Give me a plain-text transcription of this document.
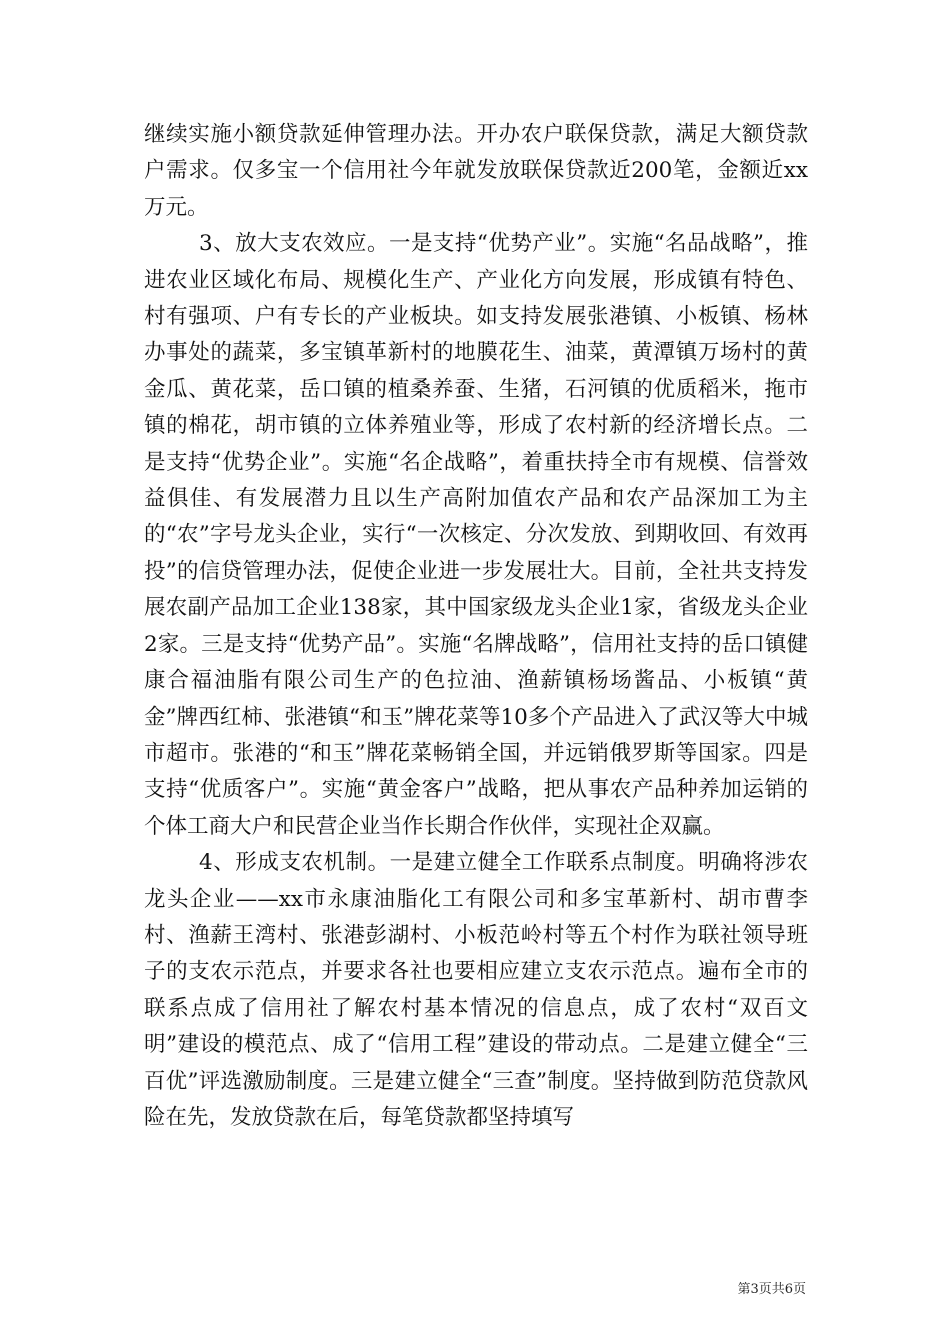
继续实施小额贷款延伸管理办法。开办农户联保贷款，满足大额贷款户需求。仅多宝一个信用社今年就发放联保贷款近200笔，金额近xx万元。

3、放大支农效应。一是支持“优势产业”。实施“名品战略”，推进农业区域化布局、规模化生产、产业化方向发展，形成镇有特色、村有强项、户有专长的产业板块。如支持发展张港镇、小板镇、杨林办事处的蔬菜，多宝镇革新村的地膜花生、油菜，黄潭镇万场村的黄金瓜、黄花菜，岳口镇的植桑养蚕、生猪，石河镇的优质稻米，拖市镇的棉花，胡市镇的立体养殖业等，形成了农村新的经济增长点。二是支持“优势企业”。实施“名企战略”，着重扶持全市有规模、信誉效益俱佳、有发展潜力且以生产高附加值农产品和农产品深加工为主的“农”字号龙头企业，实行“一次核定、分次发放、到期收回、有效再投”的信贷管理办法，促使企业进一步发展壮大。目前，全社共支持发展农副产品加工企业138家，其中国家级龙头企业1家，省级龙头企业2家。三是支持“优势产品”。实施“名牌战略”，信用社支持的岳口镇健康合福油脂有限公司生产的色拉油、渔薪镇杨场酱品、小板镇“黄金”牌西红柿、张港镇“和玉”牌花菜等10多个产品进入了武汉等大中城市超市。张港的“和玉”牌花菜畅销全国，并远销俄罗斯等国家。四是支持“优质客户”。实施“黄金客户”战略，把从事农产品种养加运销的个体工商大户和民营企业当作长期合作伙伴，实现社企双赢。

4、形成支农机制。一是建立健全工作联系点制度。明确将涉农龙头企业——xx市永康油脂化工有限公司和多宝革新村、胡市曹李村、渔薪王湾村、张港彭湖村、小板范岭村等五个村作为联社领导班子的支农示范点，并要求各社也要相应建立支农示范点。遍布全市的联系点成了信用社了解农村基本情况的信息点，成了农村“双百文明”建设的模范点、成了“信用工程”建设的带动点。二是建立健全“三百优”评选激励制度。三是建立健全“三查”制度。坚持做到防范贷款风险在先，发放贷款在后，每笔贷款都坚持填写

第3页共6页
